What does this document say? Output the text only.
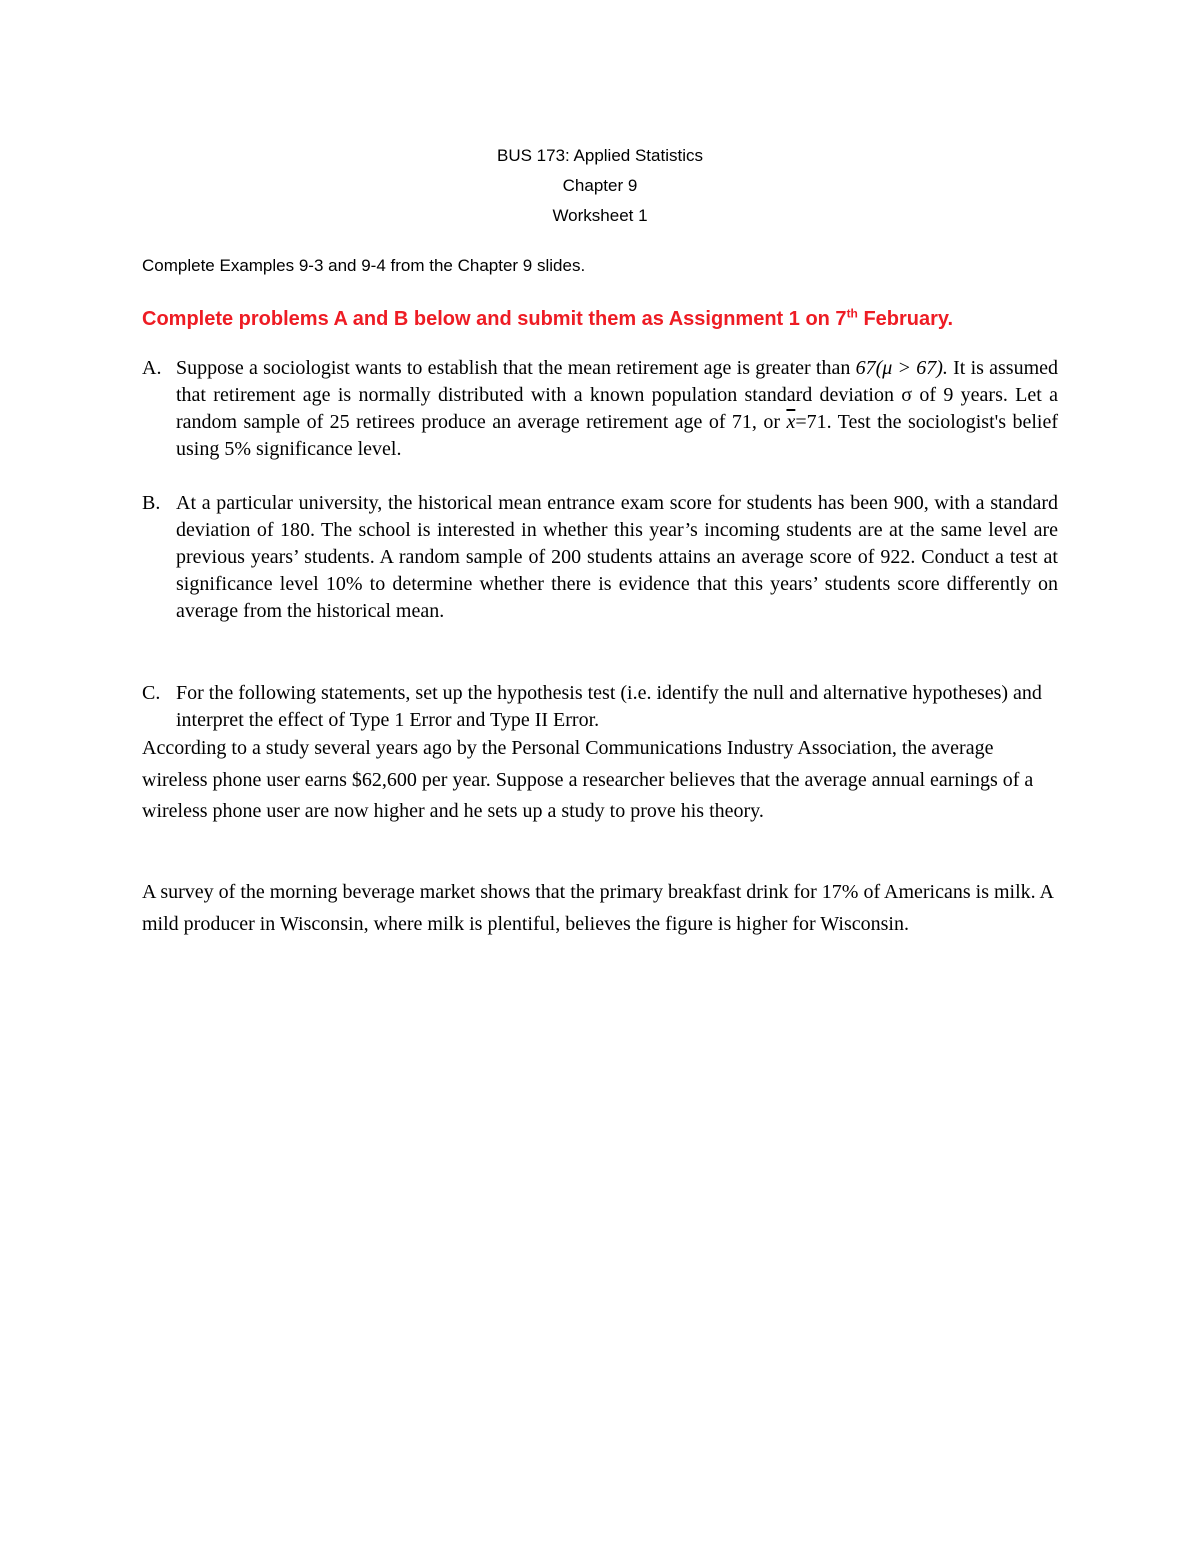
BUS 173: Applied Statistics
Chapter 9
Worksheet 1
Complete Examples 9-3 and 9-4 from the Chapter 9 slides.
Complete problems A and B below and submit them as Assignment 1 on 7th February.
A. Suppose a sociologist wants to establish that the mean retirement age is greater than 67(μ > 67). It is assumed that retirement age is normally distributed with a known population standard deviation σ of 9 years. Let a random sample of 25 retirees produce an average retirement age of 71, or $\overline{x}=71$. Test the sociologist's belief using 5% significance level.
B. At a particular university, the historical mean entrance exam score for students has been 900, with a standard deviation of 180. The school is interested in whether this year’s incoming students are at the same level are previous years’ students. A random sample of 200 students attains an average score of 922. Conduct a test at significance level 10% to determine whether there is evidence that this years’ students score differently on average from the historical mean.
C. For the following statements, set up the hypothesis test (i.e. identify the null and alternative hypotheses) and interpret the effect of Type 1 Error and Type II Error.
According to a study several years ago by the Personal Communications Industry Association, the average wireless phone user earns $62,600 per year. Suppose a researcher believes that the average annual earnings of a wireless phone user are now higher and he sets up a study to prove his theory.
A survey of the morning beverage market shows that the primary breakfast drink for 17% of Americans is milk. A mild producer in Wisconsin, where milk is plentiful, believes the figure is higher for Wisconsin.
